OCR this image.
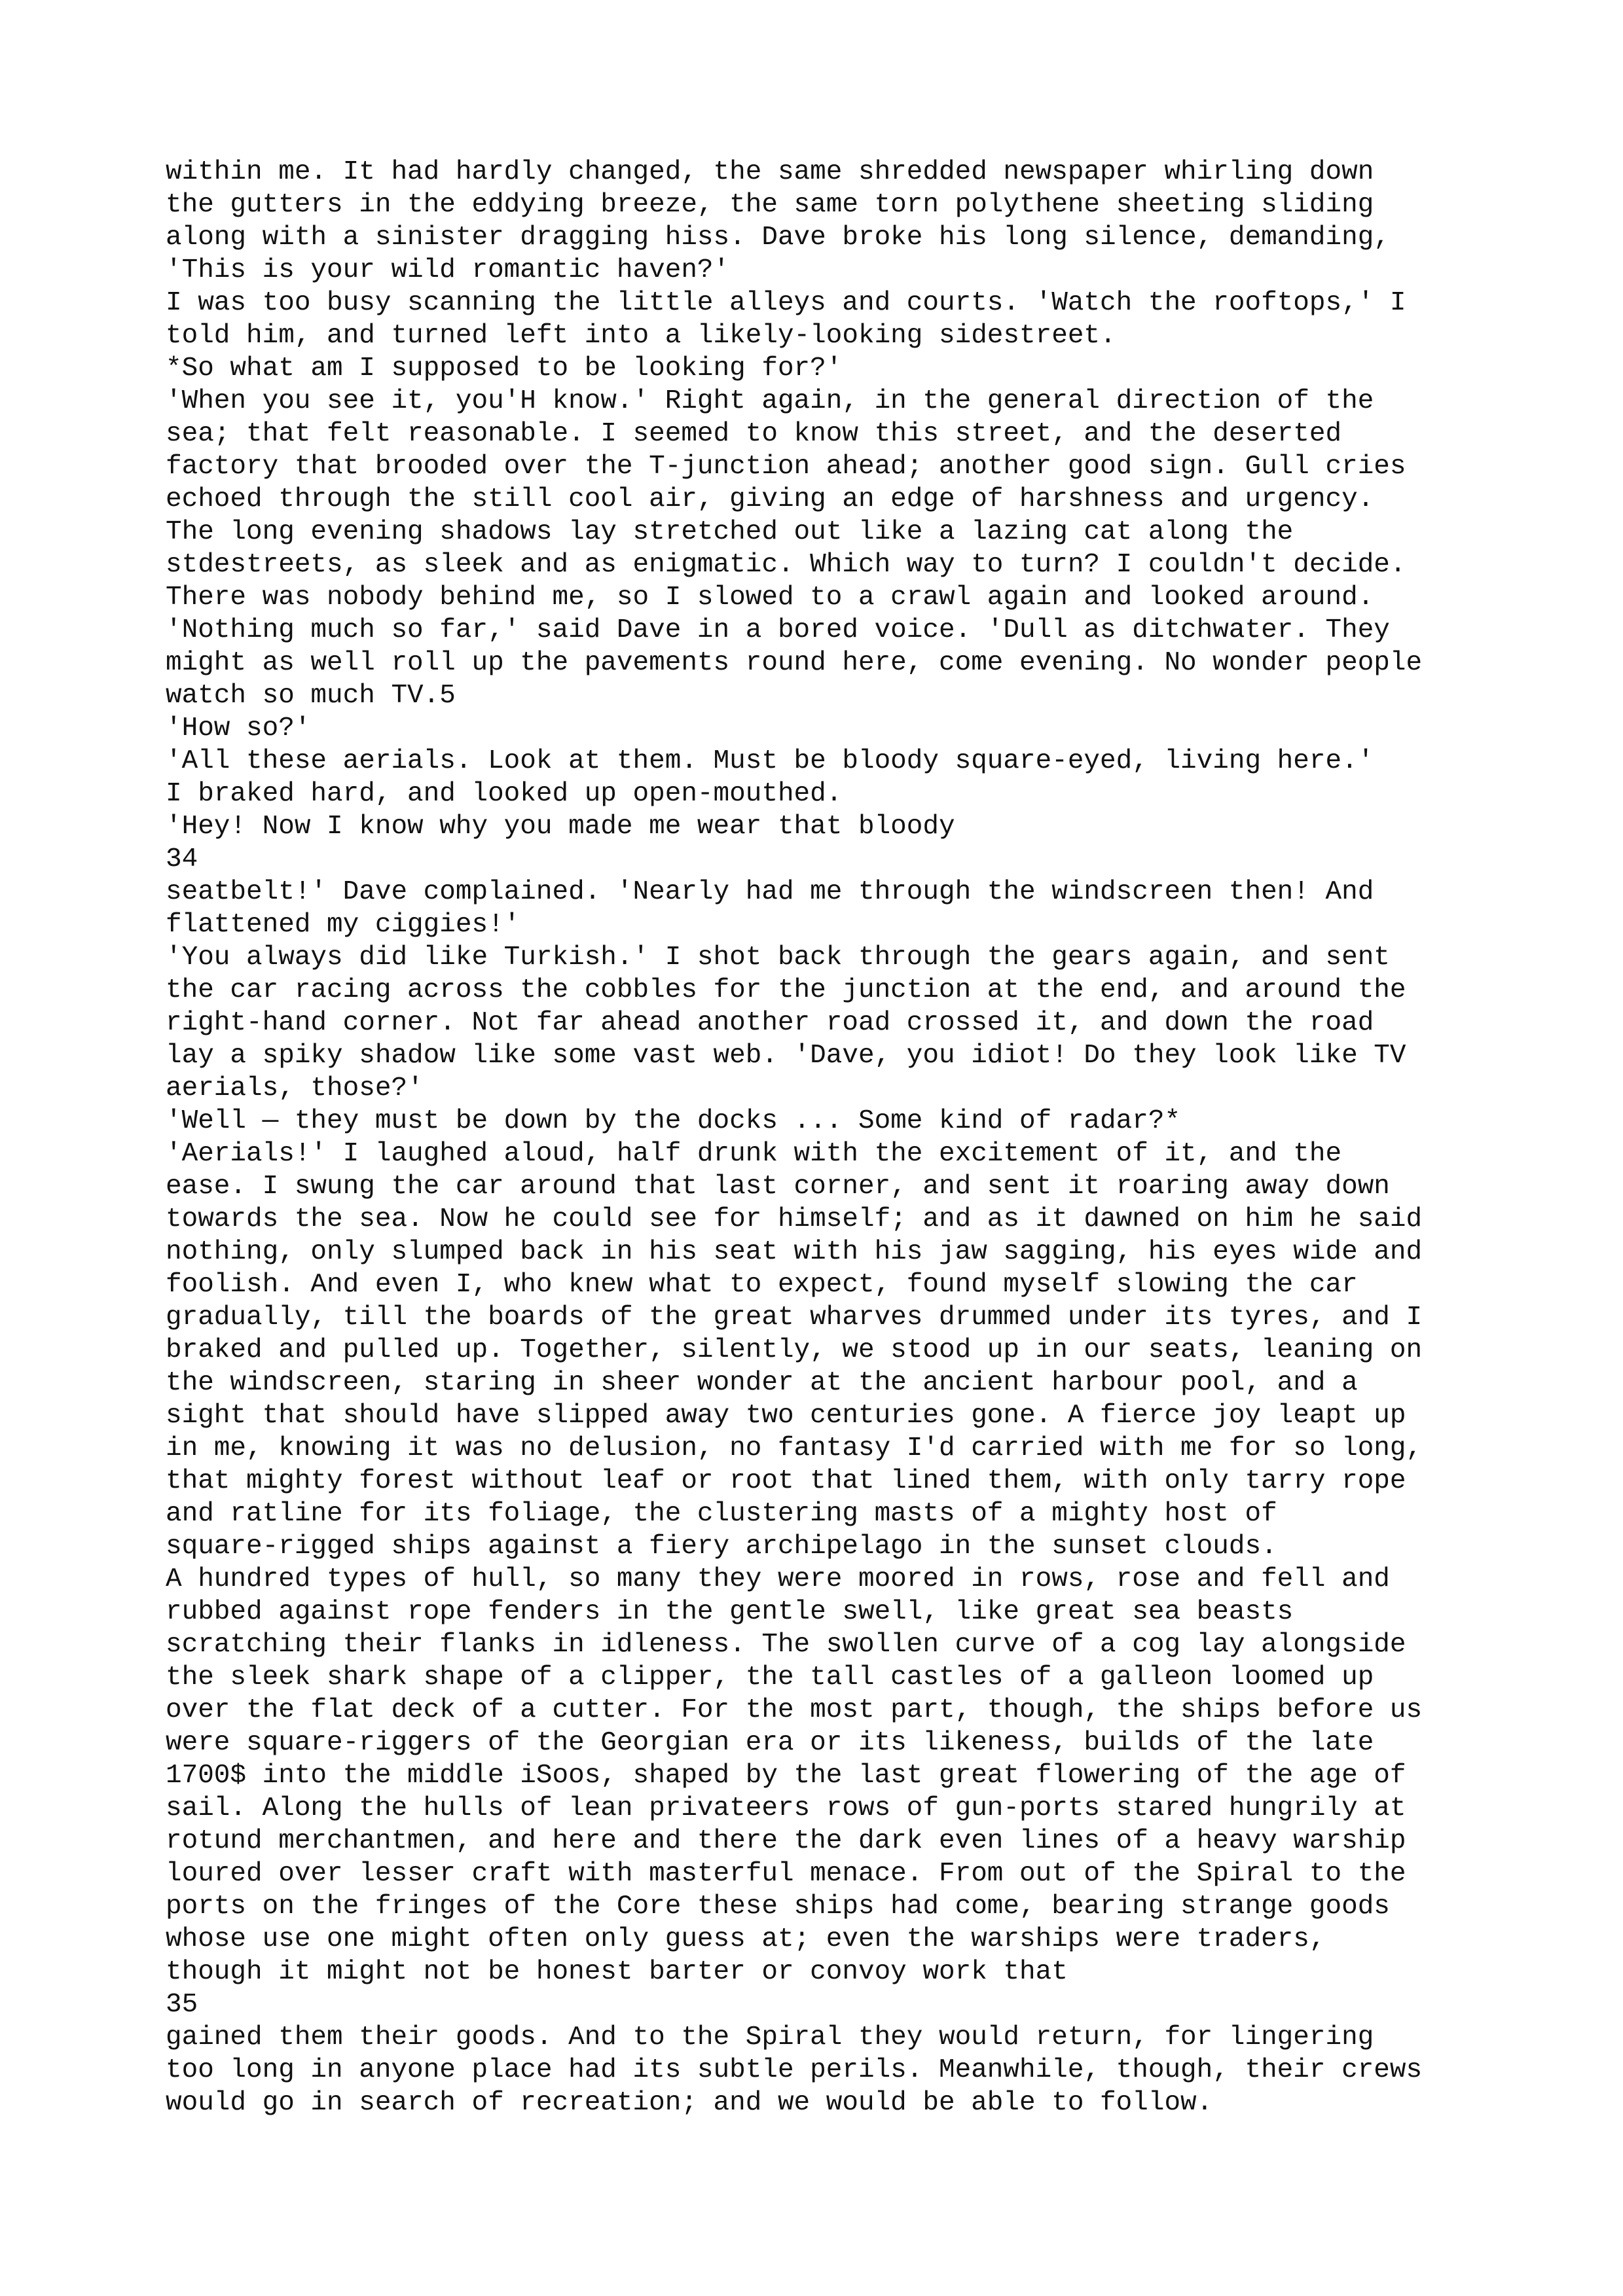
within me. It had hardly changed, the same shredded newspaper whirling down
the gutters in the eddying breeze, the same torn polythene sheeting sliding
along with a sinister dragging hiss. Dave broke his long silence, demanding,
'This is your wild romantic haven?'
I was too busy scanning the little alleys and courts. 'Watch the rooftops,' I
told him, and turned left into a likely-looking sidestreet.
*So what am I supposed to be looking for?'
'When you see it, you'H know.' Right again, in the general direction of the
sea; that felt reasonable. I seemed to know this street, and the deserted
factory that brooded over the T-junction ahead; another good sign. Gull cries
echoed through the still cool air, giving an edge of harshness and urgency.
The long evening shadows lay stretched out like a lazing cat along the
stdestreets, as sleek and as enigmatic. Which way to turn? I couldn't decide.
There was nobody behind me, so I slowed to a crawl again and looked around.
'Nothing much so far,' said Dave in a bored voice. 'Dull as ditchwater. They
might as well roll up the pavements round here, come evening. No wonder people
watch so much TV.5
'How so?'
'All these aerials. Look at them. Must be bloody square-eyed, living here.'
I braked hard, and looked up open-mouthed.
'Hey! Now I know why you made me wear that bloody
34
seatbelt!' Dave complained. 'Nearly had me through the windscreen then! And
flattened my ciggies!'
'You always did like Turkish.' I shot back through the gears again, and sent
the car racing across the cobbles for the junction at the end, and around the
right-hand corner. Not far ahead another road crossed it, and down the road
lay a spiky shadow like some vast web. 'Dave, you idiot! Do they look like TV
aerials, those?'
'Well — they must be down by the docks ... Some kind of radar?*
'Aerials!' I laughed aloud, half drunk with the excitement of it, and the
ease. I swung the car around that last corner, and sent it roaring away down
towards the sea. Now he could see for himself; and as it dawned on him he said
nothing, only slumped back in his seat with his jaw sagging, his eyes wide and
foolish. And even I, who knew what to expect, found myself slowing the car
gradually, till the boards of the great wharves drummed under its tyres, and I
braked and pulled up. Together, silently, we stood up in our seats, leaning on
the windscreen, staring in sheer wonder at the ancient harbour pool, and a
sight that should have slipped away two centuries gone. A fierce joy leapt up
in me, knowing it was no delusion, no fantasy I'd carried with me for so long,
that mighty forest without leaf or root that lined them, with only tarry rope
and ratline for its foliage, the clustering masts of a mighty host of
square-rigged ships against a fiery archipelago in the sunset clouds.
A hundred types of hull, so many they were moored in rows, rose and fell and
rubbed against rope fenders in the gentle swell, like great sea beasts
scratching their flanks in idleness. The swollen curve of a cog lay alongside
the sleek shark shape of a clipper, the tall castles of a galleon loomed up
over the flat deck of a cutter. For the most part, though, the ships before us
were square-riggers of the Georgian era or its likeness, builds of the late
1700$ into the middle iSoos, shaped by the last great flowering of the age of
sail. Along the hulls of lean privateers rows of gun-ports stared hungrily at
rotund merchantmen, and here and there the dark even lines of a heavy warship
loured over lesser craft with masterful menace. From out of the Spiral to the
ports on the fringes of the Core these ships had come, bearing strange goods
whose use one might often only guess at; even the warships were traders,
though it might not be honest barter or convoy work that
35
gained them their goods. And to the Spiral they would return, for lingering
too long in anyone place had its subtle perils. Meanwhile, though, their crews
would go in search of recreation; and we would be able to follow.
